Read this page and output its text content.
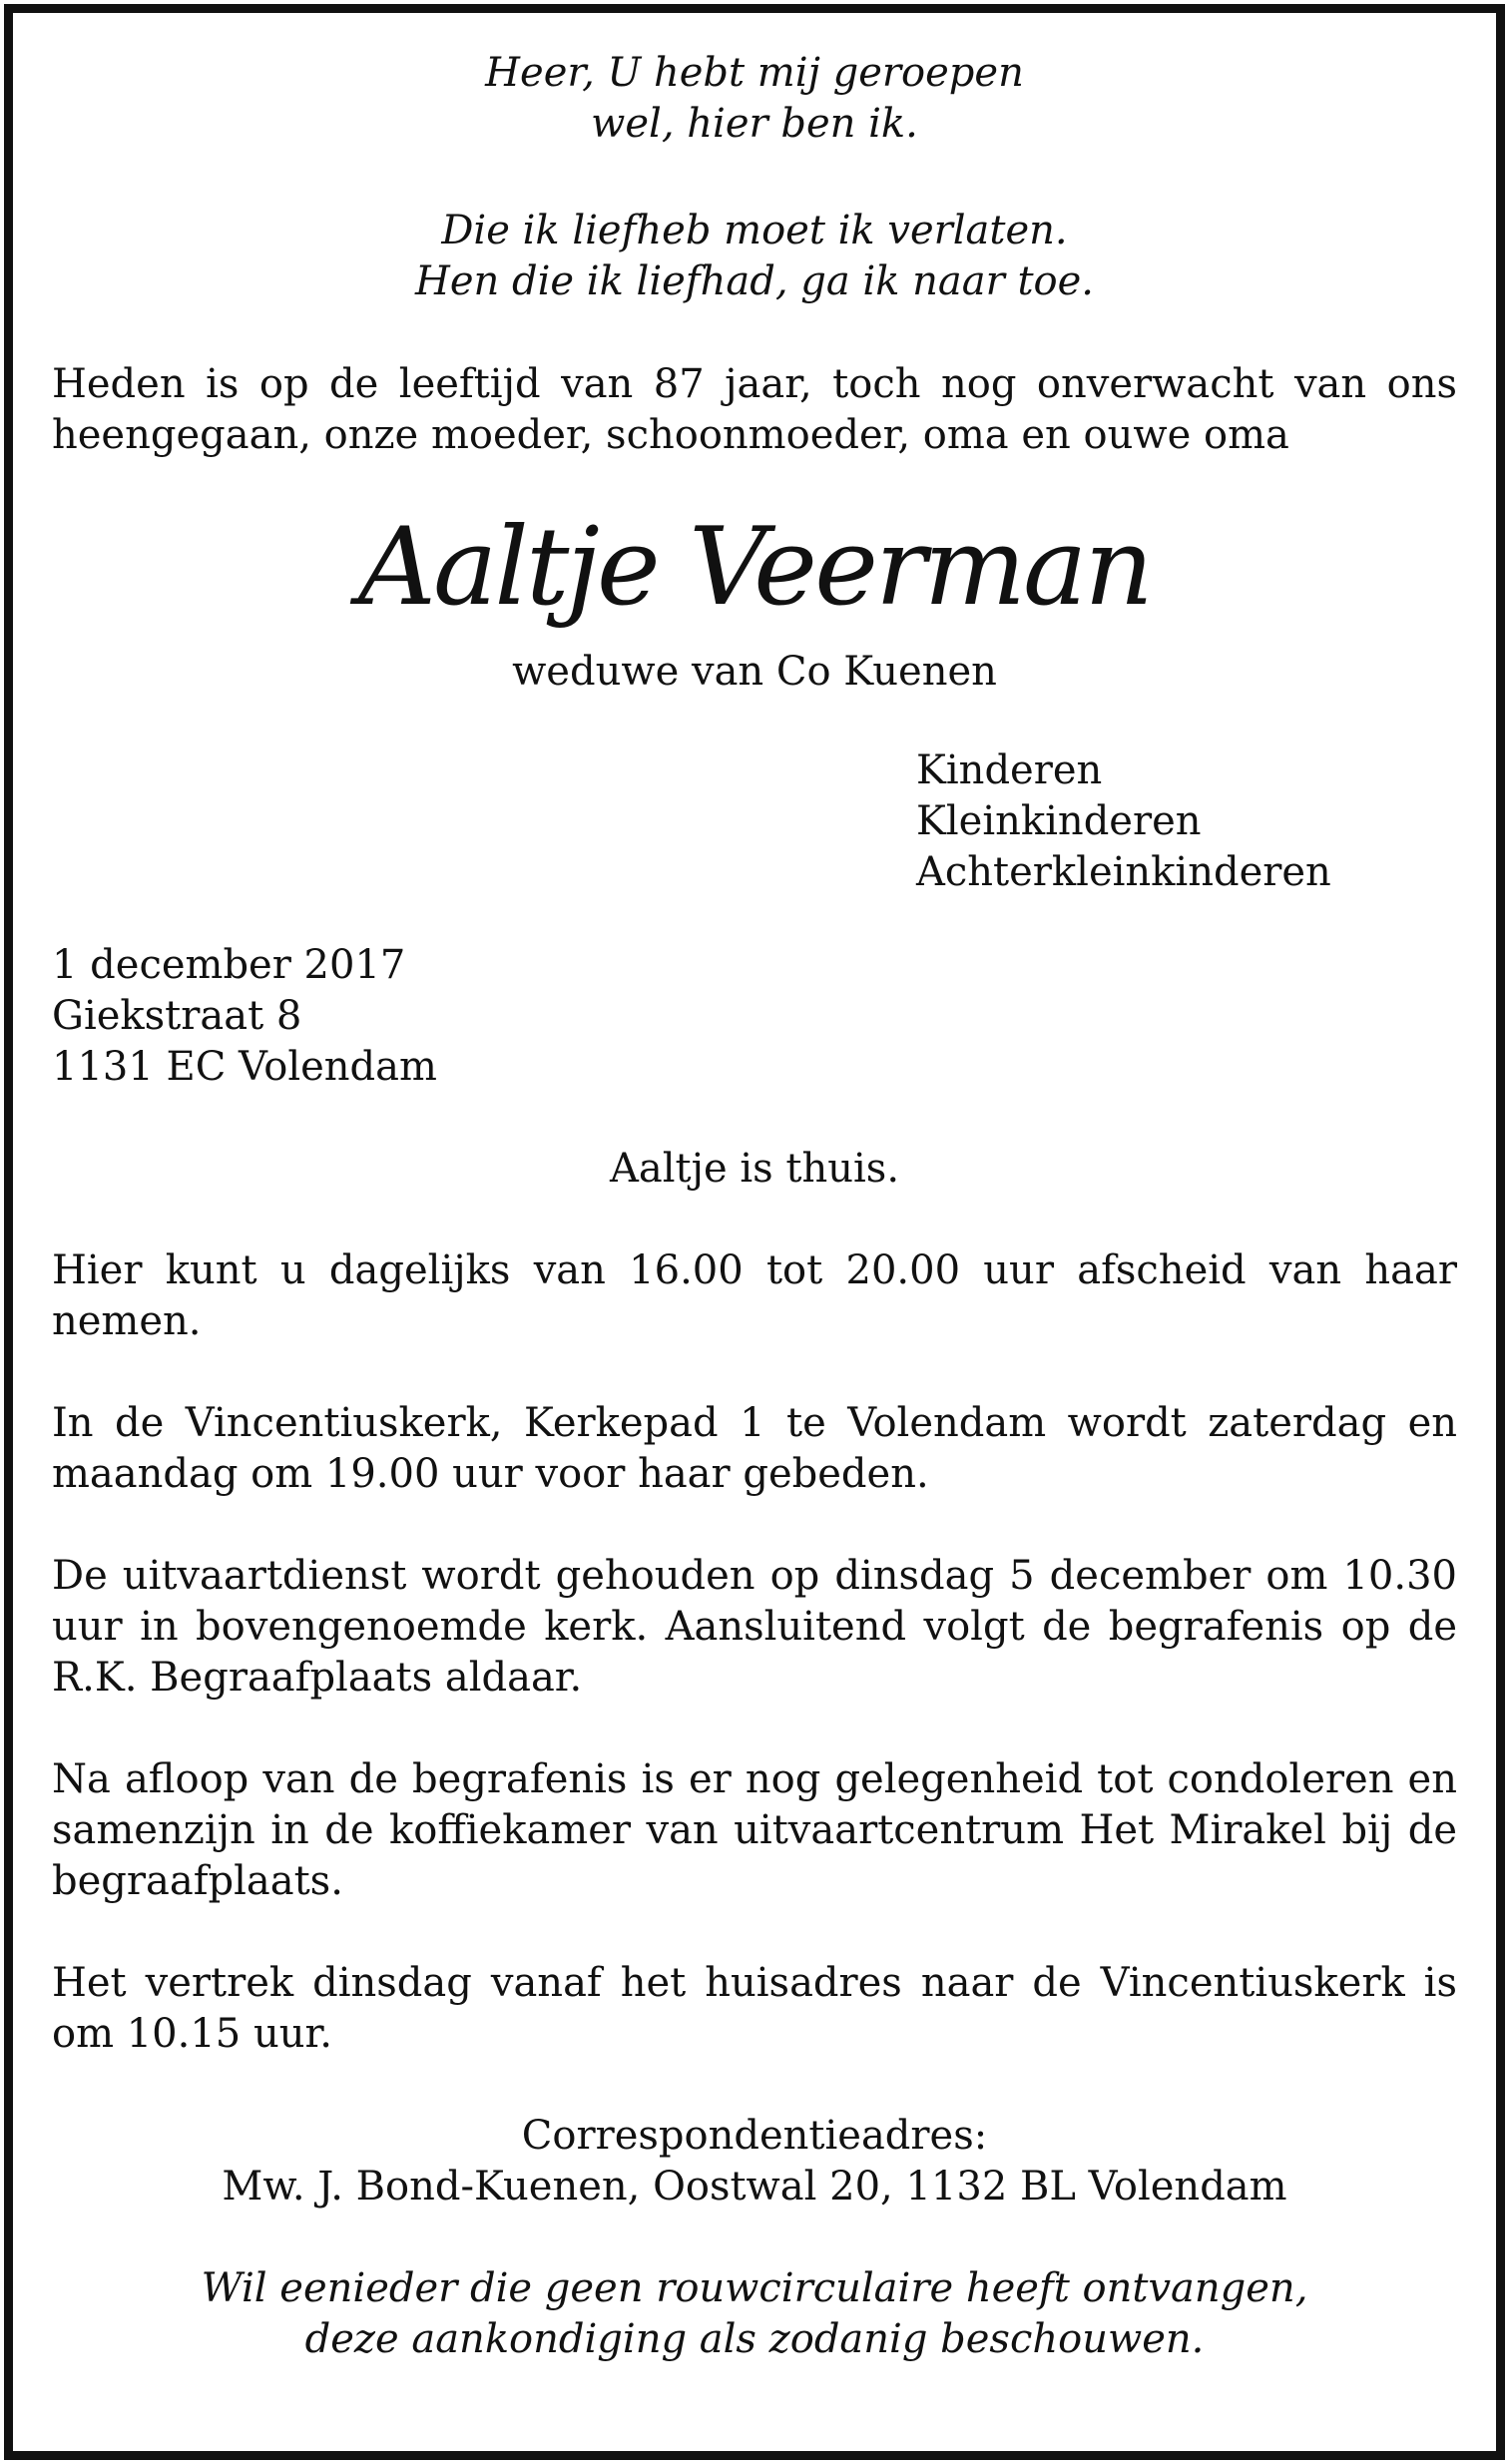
Heer, U hebt mij geroepen
wel, hier ben ik.
Die ik liefheb moet ik verlaten.
Hen die ik liefhad, ga ik naar toe.
Heden is op de leeftijd van 87 jaar, toch nog onverwacht van ons heengegaan, onze moeder, schoonmoeder, oma en ouwe oma
Aaltje Veerman
weduwe van Co Kuenen
Kinderen
Kleinkinderen
Achterkleinkinderen
1 december 2017
Giekstraat 8
1131 EC Volendam
Aaltje is thuis.
Hier kunt u dagelijks van 16.00 tot 20.00 uur afscheid van haar nemen.
In de Vincentiuskerk, Kerkepad 1 te Volendam wordt zaterdag en maandag om 19.00 uur voor haar gebeden.
De uitvaartdienst wordt gehouden op dinsdag 5 december om 10.30 uur in bovengenoemde kerk. Aansluitend volgt de begrafenis op de R.K. Begraafplaats aldaar.
Na afloop van de begrafenis is er nog gelegenheid tot condoleren en samenzijn in de koffiekamer van uitvaartcentrum Het Mirakel bij de begraafplaats.
Het vertrek dinsdag vanaf het huisadres naar de Vincentiuskerk is om 10.15 uur.
Correspondentieadres:
Mw. J. Bond-Kuenen, Oostwal 20, 1132 BL Volendam
Wil eenieder die geen rouwcirculaire heeft ontvangen,
deze aankondiging als zodanig beschouwen.
